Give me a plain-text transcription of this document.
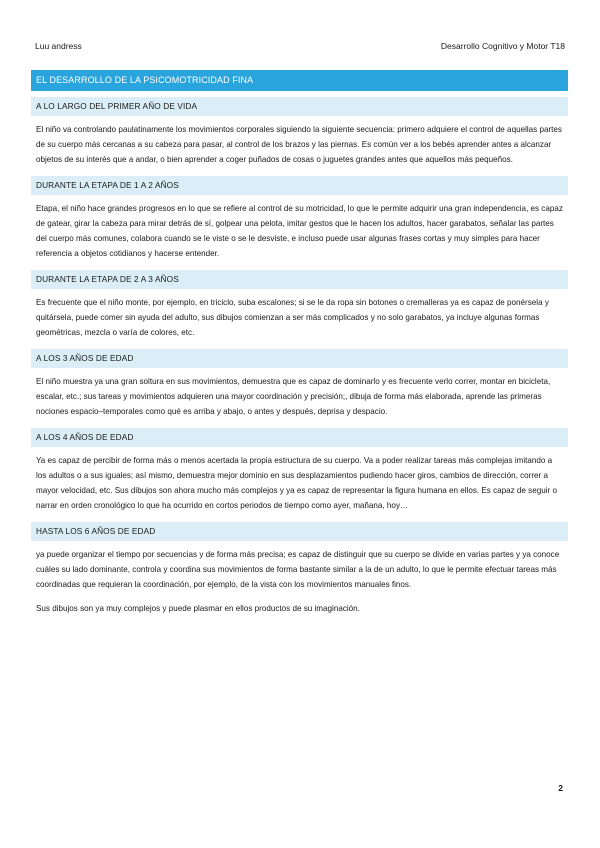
Luu andress	Desarrollo Cognitivo y Motor T18
EL DESARROLLO DE LA PSICOMOTRICIDAD FINA
A LO LARGO DEL PRIMER AÑO DE VIDA

El niño va controlando paulatinamente los movimientos corporales siguiendo la siguiente secuencia: primero adquiere el control de aquellas partes de su cuerpo más cercanas a su cabeza para pasar, al control de los brazos y las piernas. Es común ver a los bebés aprender antes a alcanzar objetos de su interés que a andar, o bien aprender a coger puñados de cosas o juguetes grandes antes que aquellos más pequeños.

DURANTE LA ETAPA DE 1 A 2 AÑOS

Etapa, el niño hace grandes progresos en lo que se refiere al control de su motricidad, lo que le permite adquirir una gran independencia, es capaz de gatear, girar la cabeza para mirar detrás de sí, golpear una pelota, imitar gestos que le hacen los adultos, hacer garabatos, señalar las partes del cuerpo más comunes, colabora cuando se le viste o se le desviste, e incluso puede usar algunas frases cortas y muy simples para hacer referencia a objetos cotidianos y hacerse entender.

DURANTE LA ETAPA DE 2 A 3 AÑOS

Es frecuente que el niño monte, por ejemplo, en triciclo, suba escalones; si se le da ropa sin botones o cremalleras ya es capaz de ponérsela y quitársela, puede comer sin ayuda del adulto, sus dibujos comienzan a ser más complicados y no solo garabatos, ya incluye algunas formas geométricas, mezcla o varía de colores, etc.

A LOS 3 AÑOS DE EDAD

El niño muestra ya una gran soltura en sus movimientos, demuestra que es capaz de dominarlo y es frecuente verlo correr, montar en bicicleta, escalar, etc.; sus tareas y movimientos adquieren una mayor coordinación y precisión;, dibuja de forma más elaborada, aprende las primeras nociones espacio–temporales como qué es arriba y abajo, o antes y después, deprisa y despacio.

A LOS 4 AÑOS DE EDAD

Ya es capaz de percibir de forma más o menos acertada la propia estructura de su cuerpo. Va a poder realizar tareas más complejas imitando a los adultos o a sus iguales; así mismo, demuestra mejor dominio en sus desplazamientos pudiendo hacer giros, cambios de dirección, correr a mayor velocidad, etc. Sus dibujos son ahora mucho más complejos y ya es capaz de representar la figura humana en ellos. Es capaz de seguir o narrar en orden cronológico lo que ha ocurrido en cortos periodos de tiempo como ayer, mañana, hoy…

HASTA LOS 6 AÑOS DE EDAD

ya puede organizar el tiempo por secuencias y de forma más precisa; es capaz de distinguir que su cuerpo se divide en varias partes y ya conoce cuáles su lado dominante, controla y coordina sus movimientos de forma bastante similar a la de un adulto, lo que le permite efectuar tareas más coordinadas que requieran la coordinación, por ejemplo, de la vista con los movimientos manuales finos.

Sus dibujos son ya muy complejos y puede plasmar en ellos productos de su imaginación.

2
